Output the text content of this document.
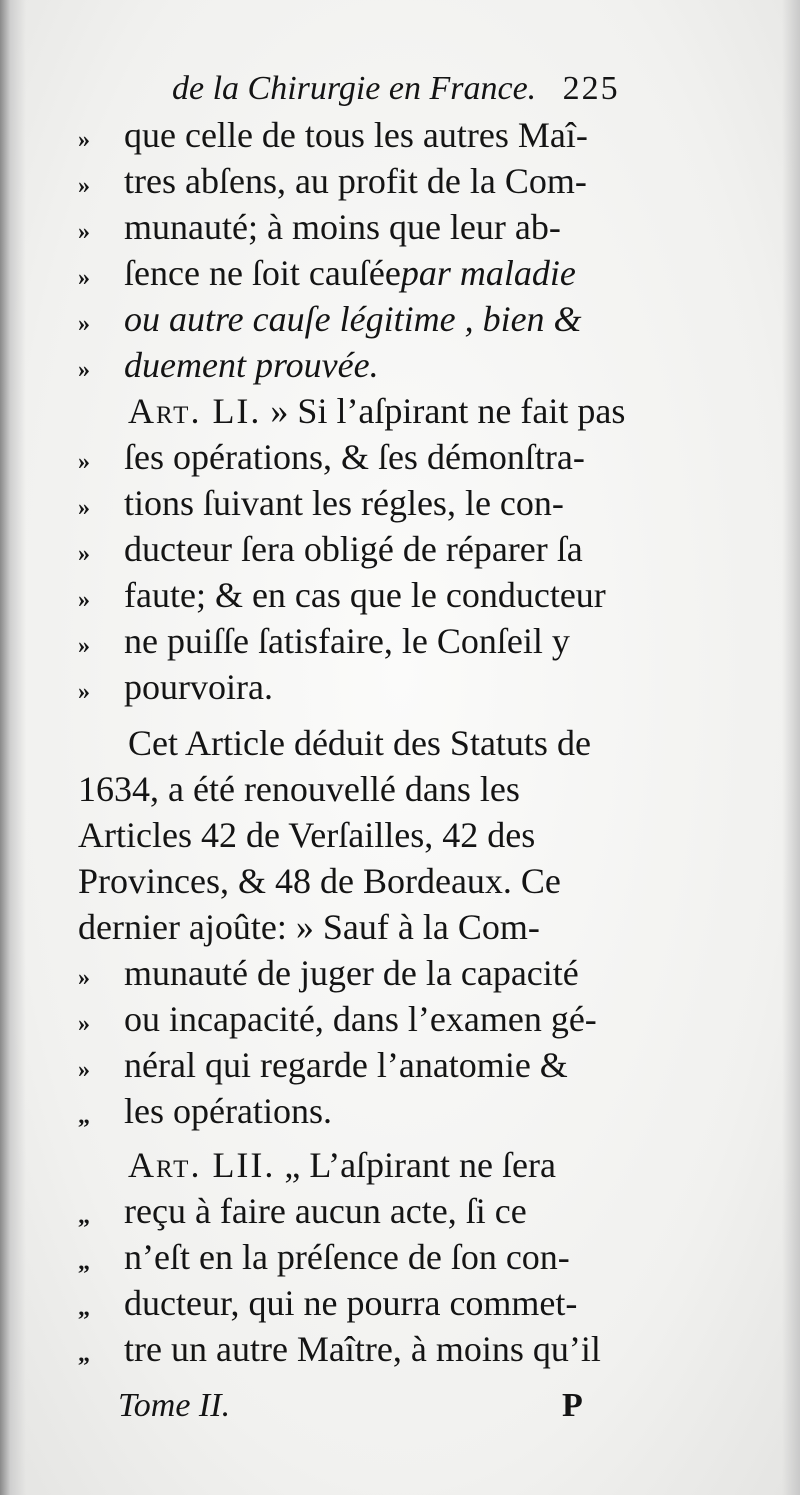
de la Chirurgie en France. 225
»	que celle de tous les autres Maî-
»	tres abſens, au profit de la Com-
»	munauté; à moins que leur ab-
»	ſence ne ſoit cauſée par maladie
»	ou autre cauſe légitime , bien &
»	duement prouvée.
Art. LI. » Si l’aſpirant ne fait pas
»	ſes opérations, & ſes démonſtra-
»	tions ſuivant les régles, le con-
»	ducteur ſera obligé de réparer ſa
»	faute; & en cas que le conducteur
»	ne puiſſe ſatisfaire, le Conſeil y
»	pourvoira.
Cet Article déduit des Statuts de
1634, a été renouvellé dans les
Articles 42 de Verſailles, 42 des
Provinces, & 48 de Bordeaux. Ce
dernier ajoûte: » Sauf à la Com-
»	munauté de juger de la capacité
»	ou incapacité, dans l’examen gé-
»	néral qui regarde l’anatomie &
„	les opérations.
Art. LII. „ L’aſpirant ne ſera
„	reçu à faire aucun acte, ſi ce
„	n’eſt en la préſence de ſon con-
„	ducteur, qui ne pourra commet-
„	tre un autre Maître, à moins qu’il
Tome II.	P
